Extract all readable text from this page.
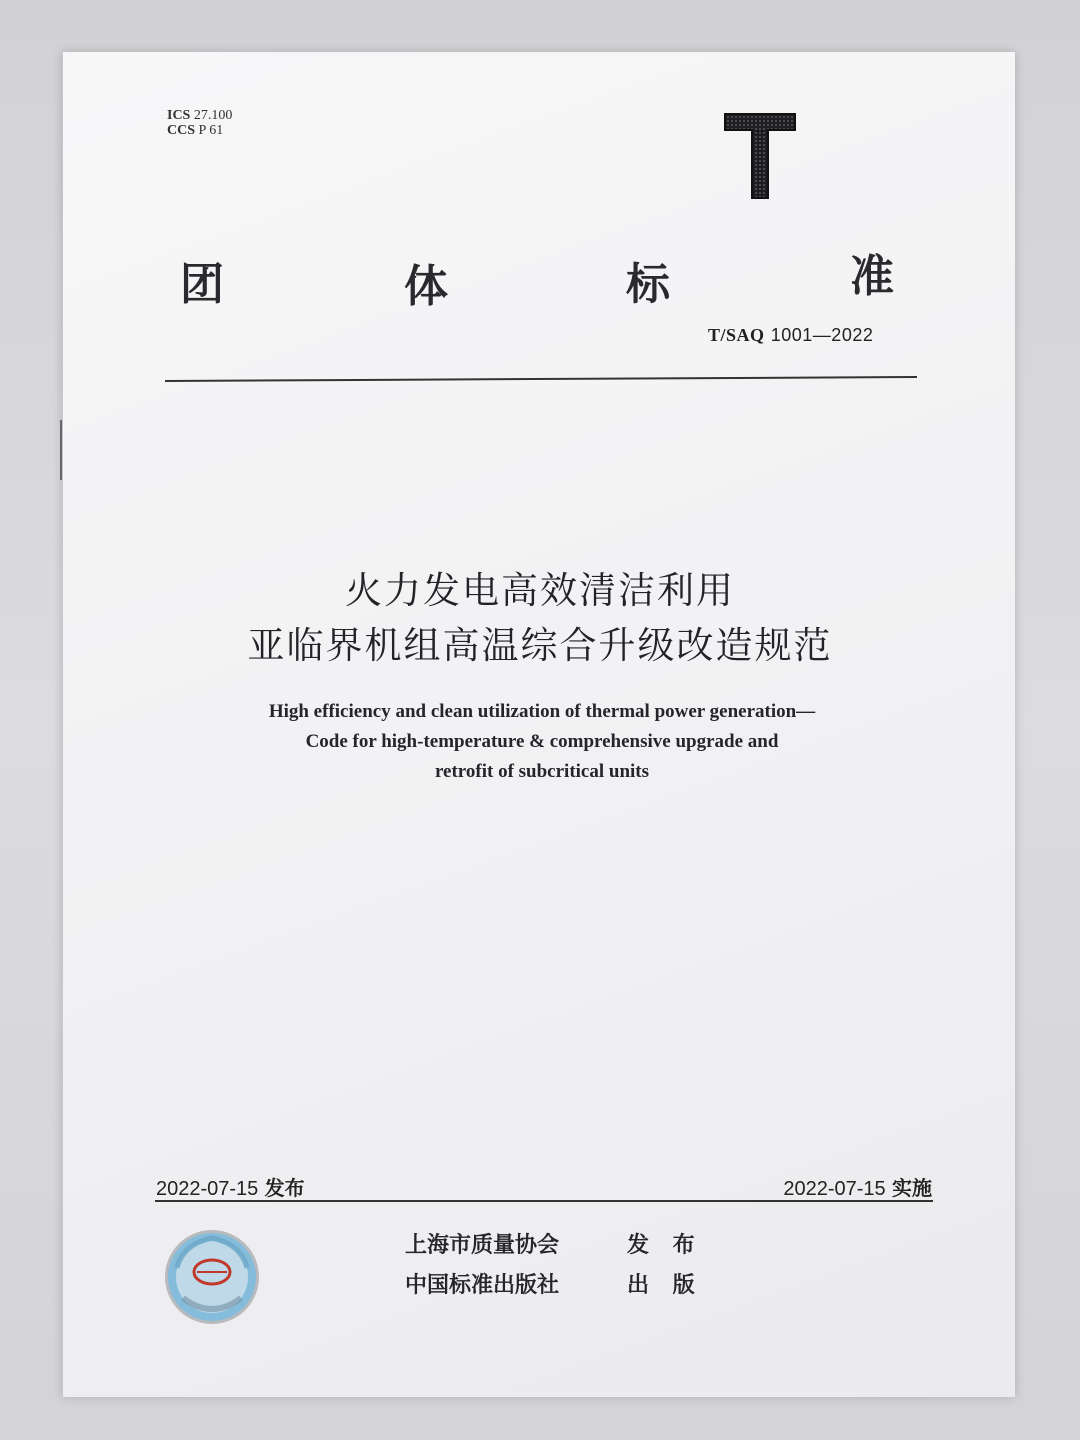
ICS 27.100
CCS P 61
T
团	体	标	准
T/SAQ 1001—2022
火力发电高效清洁利用
亚临界机组高温综合升级改造规范
High efficiency and clean utilization of thermal power generation—
Code for high-temperature & comprehensive upgrade and
retrofit of subcritical units
2022-07-15 发布	2022-07-15 实施
上海市质量协会	发 布
中国标准出版社	出 版
